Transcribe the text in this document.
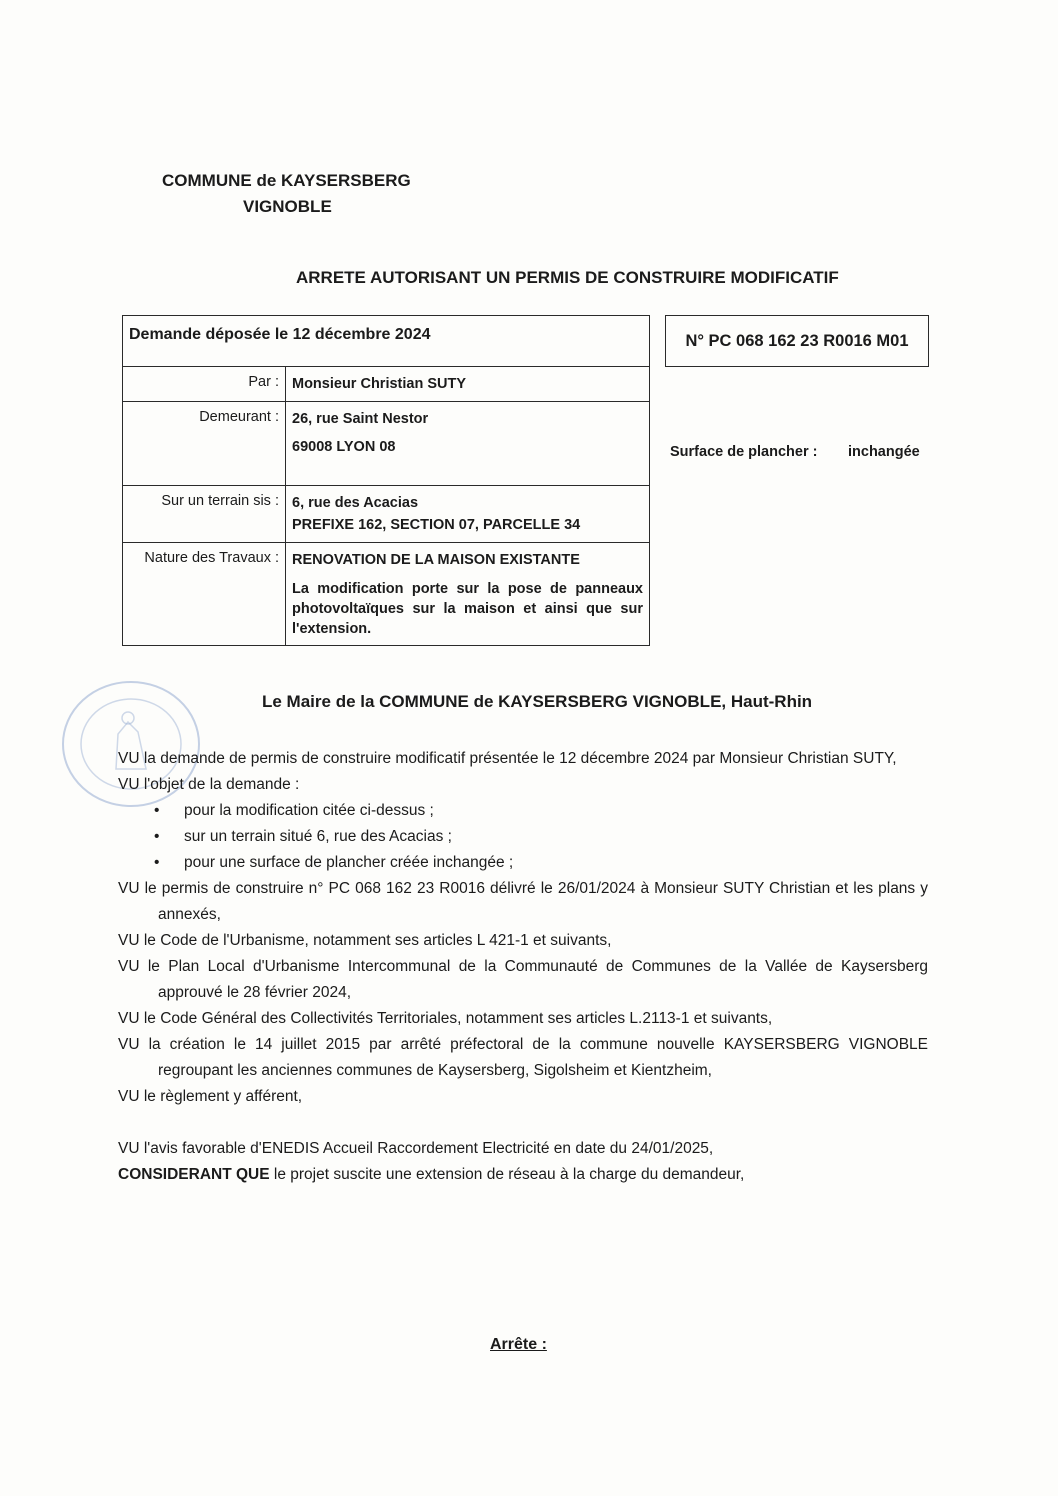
COMMUNE de KAYSERSBERG
VIGNOBLE
ARRETE AUTORISANT UN PERMIS DE CONSTRUIRE MODIFICATIF
Demande déposée le 12 décembre 2024	
Par :	Monsieur Christian SUTY
Demeurant :	26, rue Saint Nestor
69008 LYON 08

Sur un terrain sis :	6, rue des Acacias
PREFIXE 162, SECTION 07, PARCELLE 34

Nature des Travaux :	RENOVATION DE LA MAISON EXISTANTE
La modification porte sur la pose de panneaux photovoltaïques sur la maison et ainsi que sur l'extension.
N° PC 068 162 23 R0016 M01
Surface de plancher : inchangée
Le Maire de la COMMUNE de KAYSERSBERG VIGNOBLE, Haut-Rhin

VU la demande de permis de construire modificatif présentée le 12 décembre 2024 par Monsieur Christian SUTY,

VU l'objet de la demande :

• pour la modification citée ci-dessus ;
• sur un terrain situé 6, rue des Acacias ;
• pour une surface de plancher créée inchangée ;

VU le permis de construire n° PC 068 162 23 R0016 délivré le 26/01/2024 à Monsieur SUTY Christian et les plans y annexés,

VU le Code de l'Urbanisme, notamment ses articles L 421-1 et suivants,

VU le Plan Local d'Urbanisme Intercommunal de la Communauté de Communes de la Vallée de Kaysersberg approuvé le 28 février 2024,

VU le Code Général des Collectivités Territoriales, notamment ses articles L.2113-1 et suivants,

VU la création le 14 juillet 2015 par arrêté préfectoral de la commune nouvelle KAYSERSBERG VIGNOBLE regroupant les anciennes communes de Kaysersberg, Sigolsheim et Kientzheim,

VU le règlement y afférent,

VU l'avis favorable d'ENEDIS Accueil Raccordement Electricité en date du 24/01/2025,

CONSIDERANT QUE le projet suscite une extension de réseau à la charge du demandeur,

Arrête :
